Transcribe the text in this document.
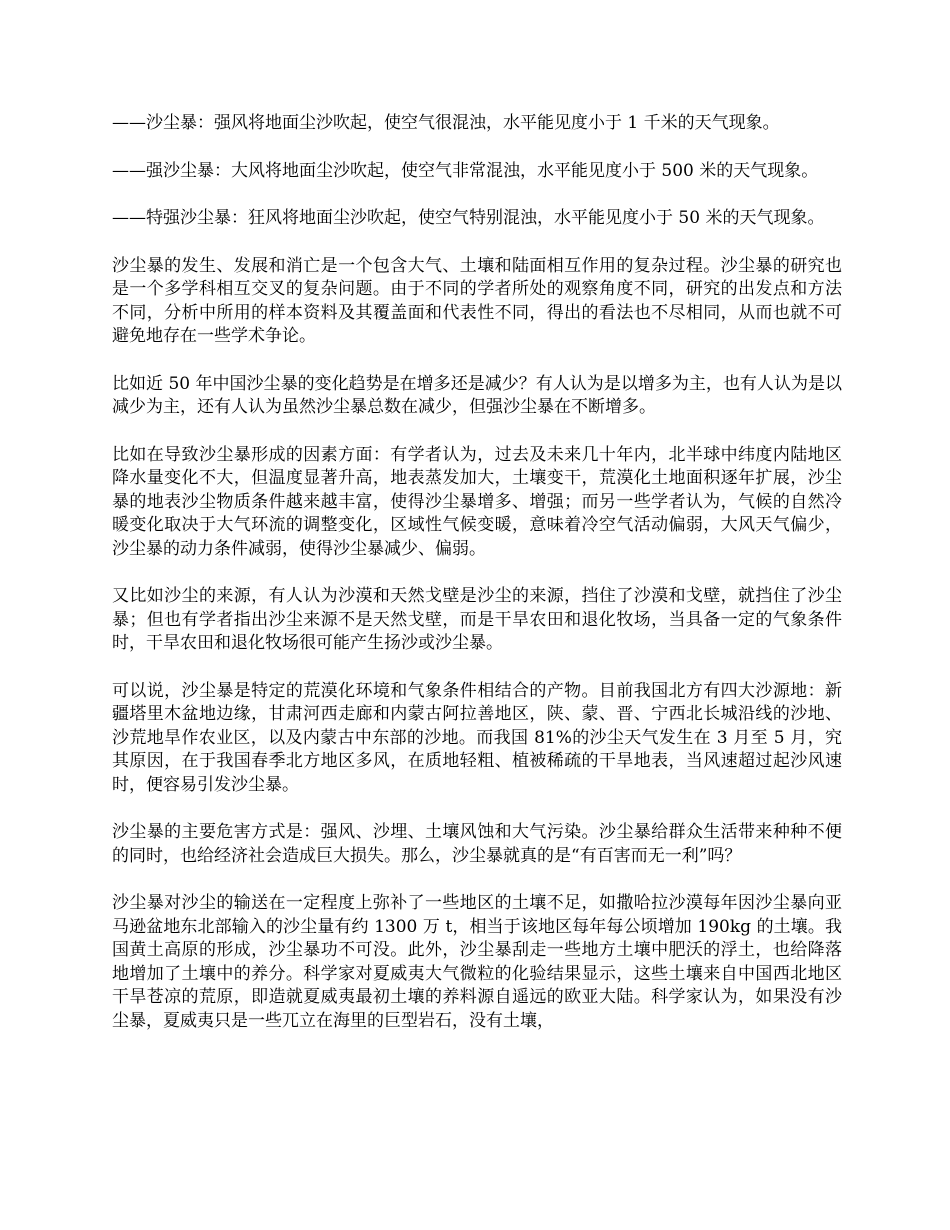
——沙尘暴：强风将地面尘沙吹起，使空气很混浊，水平能见度小于 1 千米的天气现象。

——强沙尘暴：大风将地面尘沙吹起，使空气非常混浊，水平能见度小于 500 米的天气现象。

——特强沙尘暴：狂风将地面尘沙吹起，使空气特别混浊，水平能见度小于 50 米的天气现象。

沙尘暴的发生、发展和消亡是一个包含大气、土壤和陆面相互作用的复杂过程。沙尘暴的研究也是一个多学科相互交叉的复杂问题。由于不同的学者所处的观察角度不同，研究的出发点和方法不同，分析中所用的样本资料及其覆盖面和代表性不同，得出的看法也不尽相同，从而也就不可避免地存在一些学术争论。

比如近 50 年中国沙尘暴的变化趋势是在增多还是减少？有人认为是以增多为主，也有人认为是以减少为主，还有人认为虽然沙尘暴总数在减少，但强沙尘暴在不断增多。

比如在导致沙尘暴形成的因素方面：有学者认为，过去及未来几十年内，北半球中纬度内陆地区降水量变化不大，但温度显著升高，地表蒸发加大，土壤变干，荒漠化土地面积逐年扩展，沙尘暴的地表沙尘物质条件越来越丰富，使得沙尘暴增多、增强；而另一些学者认为，气候的自然冷暖变化取决于大气环流的调整变化，区域性气候变暖，意味着冷空气活动偏弱，大风天气偏少，沙尘暴的动力条件减弱，使得沙尘暴减少、偏弱。

又比如沙尘的来源，有人认为沙漠和天然戈壁是沙尘的来源，挡住了沙漠和戈壁，就挡住了沙尘暴；但也有学者指出沙尘来源不是天然戈壁，而是干旱农田和退化牧场，当具备一定的气象条件时，干旱农田和退化牧场很可能产生扬沙或沙尘暴。

可以说，沙尘暴是特定的荒漠化环境和气象条件相结合的产物。目前我国北方有四大沙源地：新疆塔里木盆地边缘，甘肃河西走廊和内蒙古阿拉善地区，陕、蒙、晋、宁西北长城沿线的沙地、沙荒地旱作农业区，以及内蒙古中东部的沙地。而我国 81%的沙尘天气发生在 3 月至 5 月，究其原因，在于我国春季北方地区多风，在质地轻粗、植被稀疏的干旱地表，当风速超过起沙风速时，便容易引发沙尘暴。

沙尘暴的主要危害方式是：强风、沙埋、土壤风蚀和大气污染。沙尘暴给群众生活带来种种不便的同时，也给经济社会造成巨大损失。那么，沙尘暴就真的是“有百害而无一利”吗？

沙尘暴对沙尘的输送在一定程度上弥补了一些地区的土壤不足，如撒哈拉沙漠每年因沙尘暴向亚马逊盆地东北部输入的沙尘量有约 1300 万 t，相当于该地区每年每公顷增加 190kg 的土壤。我国黄土高原的形成，沙尘暴功不可没。此外，沙尘暴刮走一些地方土壤中肥沃的浮土，也给降落地增加了土壤中的养分。科学家对夏威夷大气微粒的化验结果显示，这些土壤来自中国西北地区干旱苍凉的荒原，即造就夏威夷最初土壤的养料源自遥远的欧亚大陆。科学家认为，如果没有沙尘暴，夏威夷只是一些兀立在海里的巨型岩石，没有土壤，
